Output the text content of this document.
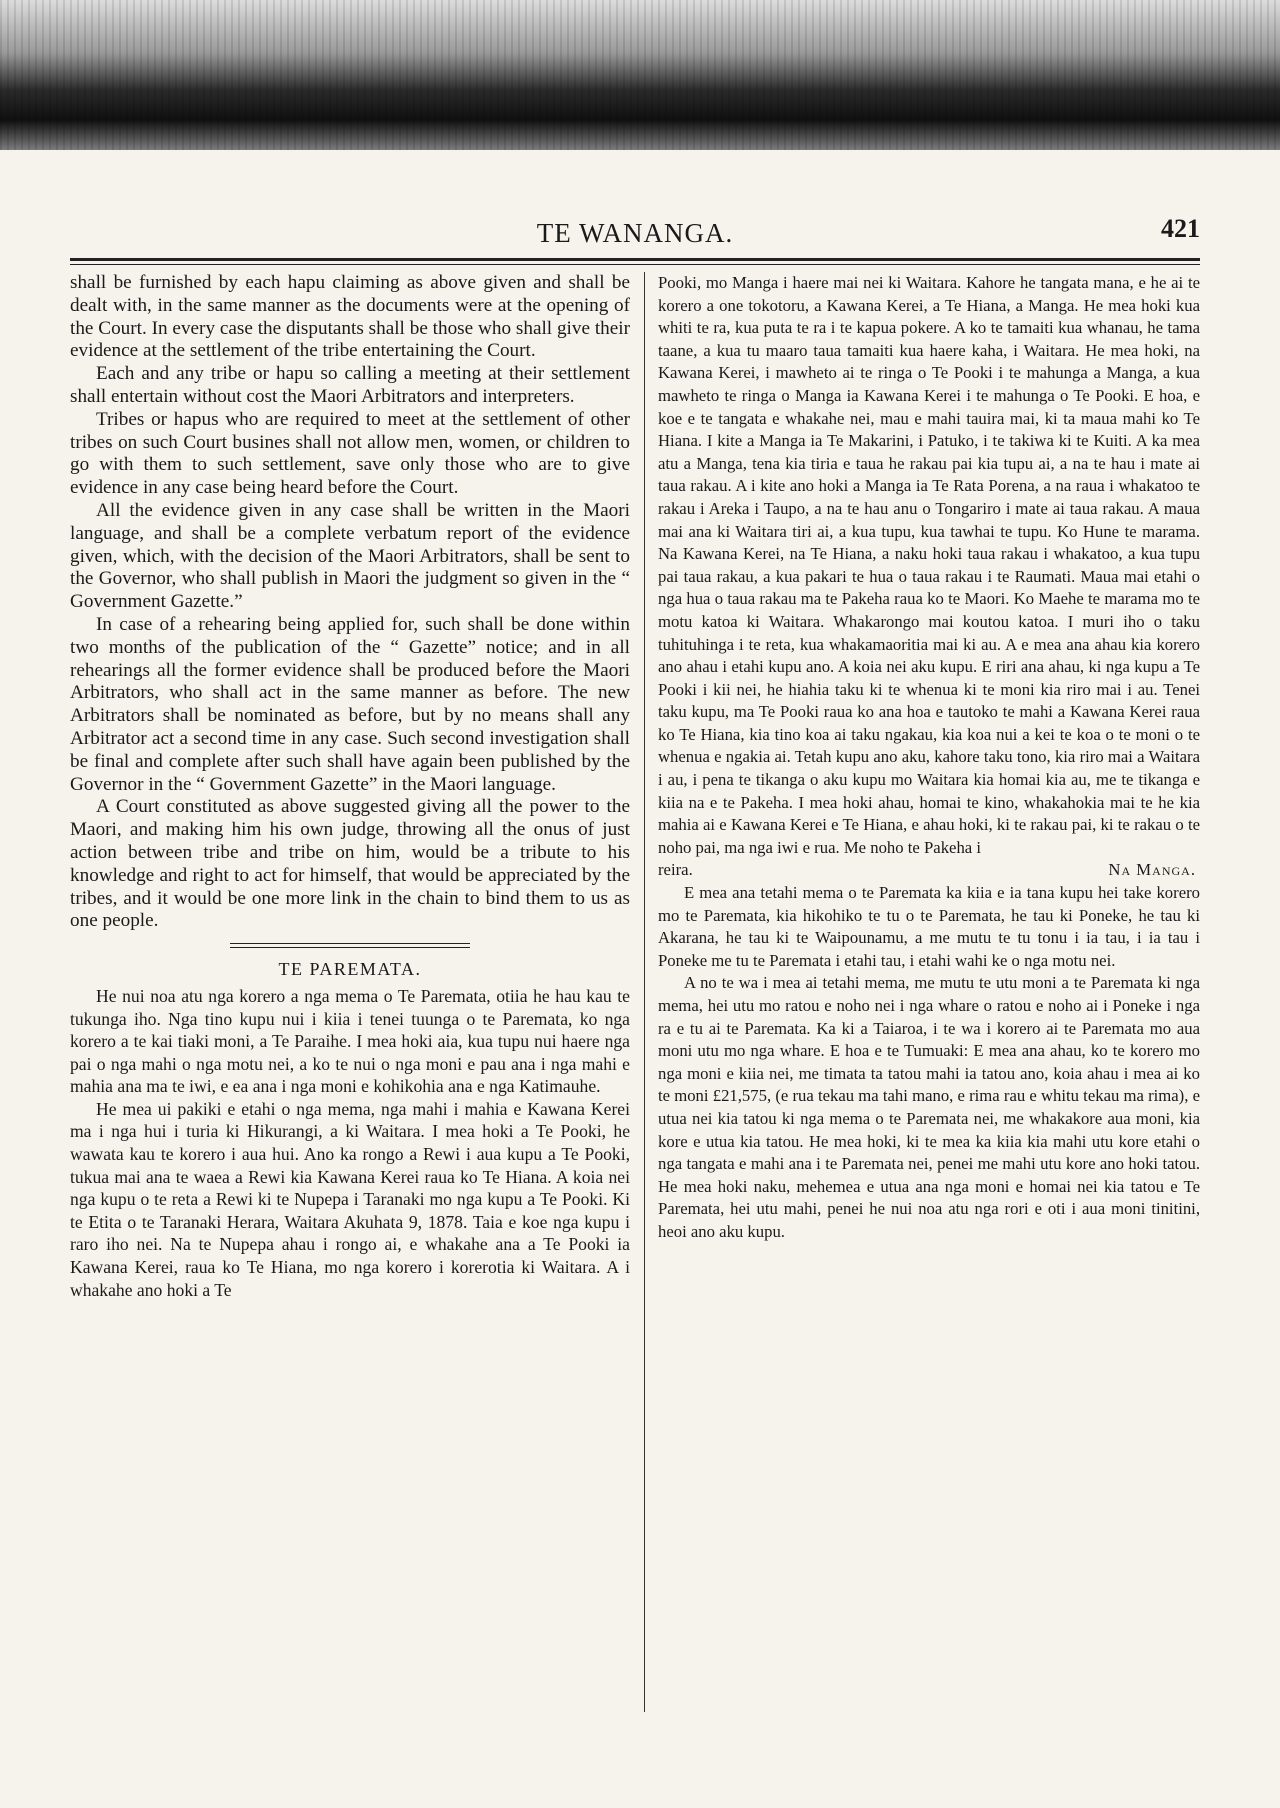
TE WANANGA.	421

shall be furnished by each hapu claiming as above given and shall be dealt with, in the same manner as the documents were at the opening of the Court. In every case the disputants shall be those who shall give their evidence at the settlement of the tribe entertaining the Court.

Each and any tribe or hapu so calling a meeting at their settlement shall entertain without cost the Maori Arbitrators and interpreters.

Tribes or hapus who are required to meet at the settlement of other tribes on such Court busines shall not allow men, women, or children to go with them to such settlement, save only those who are to give evidence in any case being heard before the Court.

All the evidence given in any case shall be written in the Maori language, and shall be a complete verbatum report of the evidence given, which, with the decision of the Maori Arbitrators, shall be sent to the Governor, who shall publish in Maori the judgment so given in the “ Government Gazette.”

In case of a rehearing being applied for, such shall be done within two months of the publication of the “ Gazette” notice; and in all rehearings all the former evidence shall be produced before the Maori Arbitrators, who shall act in the same manner as before. The new Arbitrators shall be nominated as before, but by no means shall any Arbitrator act a second time in any case. Such second investigation shall be final and complete after such shall have again been published by the Governor in the “ Government Gazette” in the Maori language.

A Court constituted as above suggested giving all the power to the Maori, and making him his own judge, throwing all the onus of just action between tribe and tribe on him, would be a tribute to his knowledge and right to act for himself, that would be appreciated by the tribes, and it would be one more link in the chain to bind them to us as one people.

TE PAREMATA.

He nui noa atu nga korero a nga mema o Te Paremata, otiia he hau kau te tukunga iho. Nga tino kupu nui i kiia i tenei tuunga o te Paremata, ko nga korero a te kai tiaki moni, a Te Paraihe. I mea hoki aia, kua tupu nui haere nga pai o nga mahi o nga motu nei, a ko te nui o nga moni e pau ana i nga mahi e mahia ana ma te iwi, e ea ana i nga moni e kohikohia ana e nga Katimauhe.

He mea ui pakiki e etahi o nga mema, nga mahi i mahia e Kawana Kerei ma i nga hui i turia ki Hikurangi, a ki Waitara. I mea hoki a Te Pooki, he wawata kau te korero i aua hui. Ano ka rongo a Rewi i aua kupu a Te Pooki, tukua mai ana te waea a Rewi kia Kawana Kerei raua ko Te Hiana. A koia nei nga kupu o te reta a Rewi ki te Nupepa i Taranaki mo nga kupu a Te Pooki. Ki te Etita o te Taranaki Herara, Waitara Akuhata 9, 1878. Taia e koe nga kupu i raro iho nei. Na te Nupepa ahau i rongo ai, e whakahe ana a Te Pooki ia Kawana Kerei, raua ko Te Hiana, mo nga korero i korerotia ki Waitara. A i whakahe ano hoki a Te

Pooki, mo Manga i haere mai nei ki Waitara. Kahore he tangata mana, e he ai te korero a one tokotoru, a Kawana Kerei, a Te Hiana, a Manga. He mea hoki kua whiti te ra, kua puta te ra i te kapua pokere. A ko te tamaiti kua whanau, he tama taane, a kua tu maaro taua tamaiti kua haere kaha, i Waitara. He mea hoki, na Kawana Kerei, i mawheto ai te ringa o Te Pooki i te mahunga a Manga, a kua mawheto te ringa o Manga ia Kawana Kerei i te mahunga o Te Pooki. E hoa, e koe e te tangata e whakahe nei, mau e mahi tauira mai, ki ta maua mahi ko Te Hiana. I kite a Manga ia Te Makarini, i Patuko, i te takiwa ki te Kuiti. A ka mea atu a Manga, tena kia tiria e taua he rakau pai kia tupu ai, a na te hau i mate ai taua rakau. A i kite ano hoki a Manga ia Te Rata Porena, a na raua i whakatoo te rakau i Areka i Taupo, a na te hau anu o Tongariro i mate ai taua rakau. A maua mai ana ki Waitara tiri ai, a kua tupu, kua tawhai te tupu. Ko Hune te marama. Na Kawana Kerei, na Te Hiana, a naku hoki taua rakau i whakatoo, a kua tupu pai taua rakau, a kua pakari te hua o taua rakau i te Raumati. Maua mai etahi o nga hua o taua rakau ma te Pakeha raua ko te Maori. Ko Maehe te marama mo te motu katoa ki Waitara. Whakarongo mai koutou katoa. I muri iho o taku tuhituhinga i te reta, kua whakamaoritia mai ki au. A e mea ana ahau kia korero ano ahau i etahi kupu ano. A koia nei aku kupu. E riri ana ahau, ki nga kupu a Te Pooki i kii nei, he hiahia taku ki te whenua ki te moni kia riro mai i au. Tenei taku kupu, ma Te Pooki raua ko ana hoa e tautoko te mahi a Kawana Kerei raua ko Te Hiana, kia tino koa ai taku ngakau, kia koa nui a kei te koa o te moni o te whenua e ngakia ai. Tetah kupu ano aku, kahore taku tono, kia riro mai a Waitara i au, i pena te tikanga o aku kupu mo Waitara kia homai kia au, me te tikanga e kiia na e te Pakeha. I mea hoki ahau, homai te kino, whakahokia mai te he kia mahia ai e Kawana Kerei e Te Hiana, e ahau hoki, ki te rakau pai, ki te rakau o te noho pai, ma nga iwi e rua. Me noho te Pakeha i

reira.	Na Manga.

E mea ana tetahi mema o te Paremata ka kiia e ia tana kupu hei take korero mo te Paremata, kia hikohiko te tu o te Paremata, he tau ki Poneke, he tau ki Akarana, he tau ki te Waipounamu, a me mutu te tu tonu i ia tau, i ia tau i Poneke me tu te Paremata i etahi tau, i etahi wahi ke o nga motu nei.

A no te wa i mea ai tetahi mema, me mutu te utu moni a te Paremata ki nga mema, hei utu mo ratou e noho nei i nga whare o ratou e noho ai i Poneke i nga ra e tu ai te Paremata. Ka ki a Taiaroa, i te wa i korero ai te Paremata mo aua moni utu mo nga whare. E hoa e te Tumuaki: E mea ana ahau, ko te korero mo nga moni e kiia nei, me timata ta tatou mahi ia tatou ano, koia ahau i mea ai ko te moni £21,575, (e rua tekau ma tahi mano, e rima rau e whitu tekau ma rima), e utua nei kia tatou ki nga mema o te Paremata nei, me whakakore aua moni, kia kore e utua kia tatou. He mea hoki, ki te mea ka kiia kia mahi utu kore etahi o nga tangata e mahi ana i te Paremata nei, penei me mahi utu kore ano hoki tatou. He mea hoki naku, mehemea e utua ana nga moni e homai nei kia tatou e Te Paremata, hei utu mahi, penei he nui noa atu nga rori e oti i aua moni tinitini, heoi ano aku kupu.
